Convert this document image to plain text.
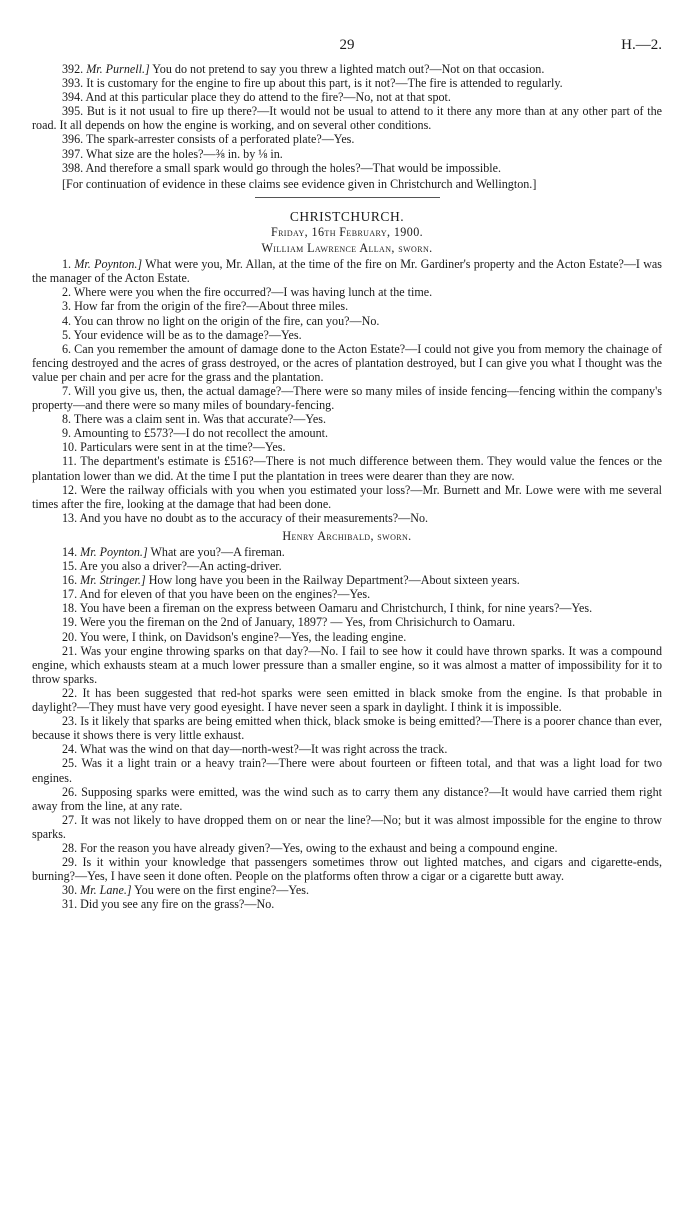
29	H.—2.

392. Mr. Purnell.] You do not pretend to say you threw a lighted match out?—Not on that occasion.

393. It is customary for the engine to fire up about this part, is it not?—The fire is attended to regularly.

394. And at this particular place they do attend to the fire?—No, not at that spot.

395. But is it not usual to fire up there?—It would not be usual to attend to it there any more than at any other part of the road. It all depends on how the engine is working, and on several other conditions.

396. The spark-arrester consists of a perforated plate?—Yes.

397. What size are the holes?—⅜ in. by ⅛ in.

398. And therefore a small spark would go through the holes?—That would be impossible.

[For continuation of evidence in these claims see evidence given in Christchurch and Wellington.]

CHRISTCHURCH.
Friday, 16th February, 1900.
William Lawrence Allan, sworn.

1. Mr. Poynton.] What were you, Mr. Allan, at the time of the fire on Mr. Gardiner's property and the Acton Estate?—I was the manager of the Acton Estate.

2. Where were you when the fire occurred?—I was having lunch at the time.

3. How far from the origin of the fire?—About three miles.

4. You can throw no light on the origin of the fire, can you?—No.

5. Your evidence will be as to the damage?—Yes.

6. Can you remember the amount of damage done to the Acton Estate?—I could not give you from memory the chainage of fencing destroyed and the acres of grass destroyed, or the acres of plantation destroyed, but I can give you what I thought was the value per chain and per acre for the grass and the plantation.

7. Will you give us, then, the actual damage?—There were so many miles of inside fencing—fencing within the company's property—and there were so many miles of boundary-fencing.

8. There was a claim sent in. Was that accurate?—Yes.

9. Amounting to £573?—I do not recollect the amount.

10. Particulars were sent in at the time?—Yes.

11. The department's estimate is £516?—There is not much difference between them. They would value the fences or the plantation lower than we did. At the time I put the plantation in trees were dearer than they are now.

12. Were the railway officials with you when you estimated your loss?—Mr. Burnett and Mr. Lowe were with me several times after the fire, looking at the damage that had been done.

13. And you have no doubt as to the accuracy of their measurements?—No.

Henry Archibald, sworn.

14. Mr. Poynton.] What are you?—A fireman.

15. Are you also a driver?—An acting-driver.

16. Mr. Stringer.] How long have you been in the Railway Department?—About sixteen years.

17. And for eleven of that you have been on the engines?—Yes.

18. You have been a fireman on the express between Oamaru and Christchurch, I think, for nine years?—Yes.

19. Were you the fireman on the 2nd of January, 1897? — Yes, from Chrisichurch to Oamaru.

20. You were, I think, on Davidson's engine?—Yes, the leading engine.

21. Was your engine throwing sparks on that day?—No. I fail to see how it could have thrown sparks. It was a compound engine, which exhausts steam at a much lower pressure than a smaller engine, so it was almost a matter of impossibility for it to throw sparks.

22. It has been suggested that red-hot sparks were seen emitted in black smoke from the engine. Is that probable in daylight?—They must have very good eyesight. I have never seen a spark in daylight. I think it is impossible.

23. Is it likely that sparks are being emitted when thick, black smoke is being emitted?—There is a poorer chance than ever, because it shows there is very little exhaust.

24. What was the wind on that day—north-west?—It was right across the track.

25. Was it a light train or a heavy train?—There were about fourteen or fifteen total, and that was a light load for two engines.

26. Supposing sparks were emitted, was the wind such as to carry them any distance?—It would have carried them right away from the line, at any rate.

27. It was not likely to have dropped them on or near the line?—No; but it was almost impossible for the engine to throw sparks.

28. For the reason you have already given?—Yes, owing to the exhaust and being a compound engine.

29. Is it within your knowledge that passengers sometimes throw out lighted matches, and cigars and cigarette-ends, burning?—Yes, I have seen it done often. People on the platforms often throw a cigar or a cigarette butt away.

30. Mr. Lane.] You were on the first engine?—Yes.

31. Did you see any fire on the grass?—No.
